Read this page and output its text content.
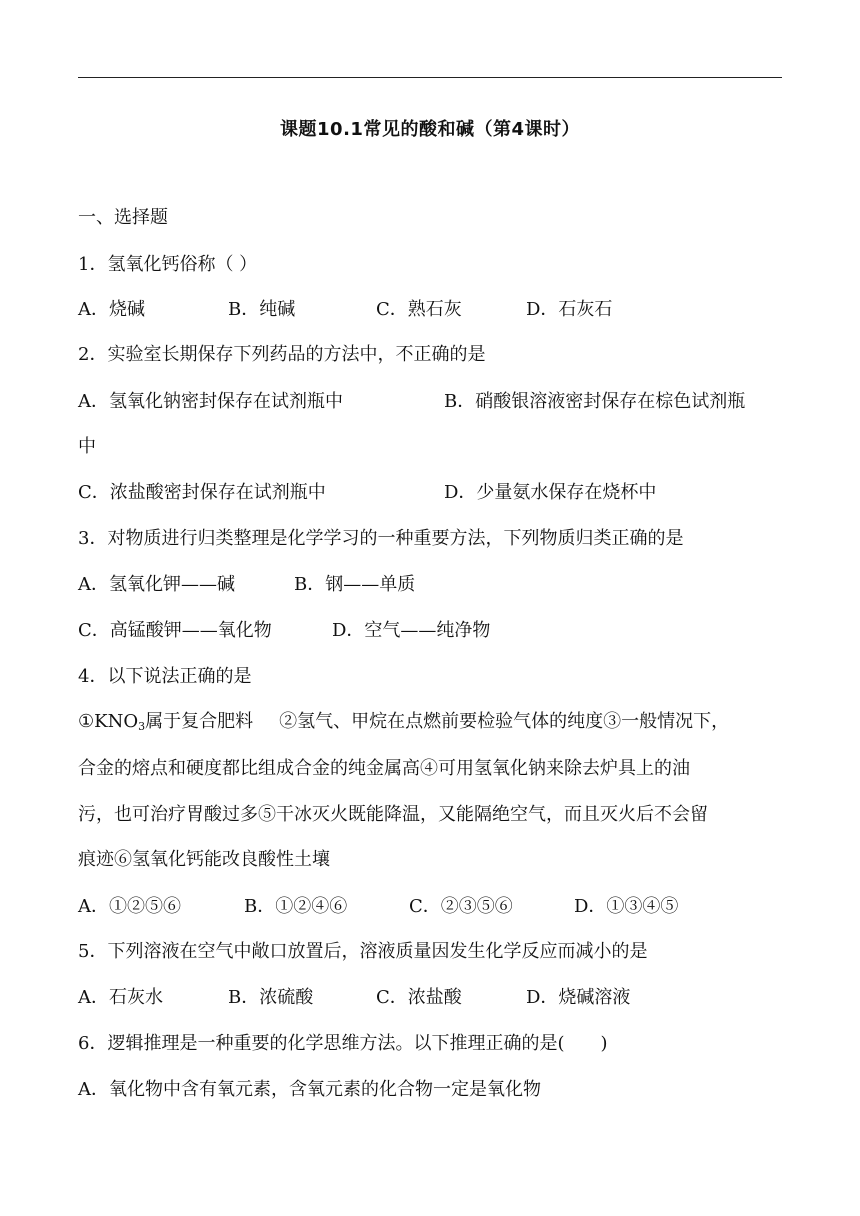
课题10.1常见的酸和碱（第4课时）
一、选择题
1．氢氧化钙俗称（ ）
A．烧碱	B．纯碱	C．熟石灰	D．石灰石
2．实验室长期保存下列药品的方法中，不正确的是
A．氢氧化钠密封保存在试剂瓶中	B．硝酸银溶液密封保存在棕色试剂瓶
中
C．浓盐酸密封保存在试剂瓶中	D．少量氨水保存在烧杯中
3．对物质进行归类整理是化学学习的一种重要方法，下列物质归类正确的是
A．氢氧化钾——碱	B．钢——单质
C．高锰酸钾——氧化物	D．空气——纯净物
4．以下说法正确的是
$①KNO_3$属于复合肥料 ②氢气、甲烷在点燃前要检验气体的纯度③一般情况下，
合金的熔点和硬度都比组成合金的纯金属高④可用氢氧化钠来除去炉具上的油
污，也可治疗胃酸过多⑤干冰灭火既能降温，又能隔绝空气，而且灭火后不会留
痕迹⑥氢氧化钙能改良酸性土壤
A．①②⑤⑥	B．①②④⑥	C．②③⑤⑥	D．①③④⑤
5．下列溶液在空气中敞口放置后，溶液质量因发生化学反应而减小的是
A．石灰水	B．浓硫酸	C．浓盐酸	D．烧碱溶液
6．逻辑推理是一种重要的化学思维方法。以下推理正确的是(　　)
A．氧化物中含有氧元素，含氧元素的化合物一定是氧化物
